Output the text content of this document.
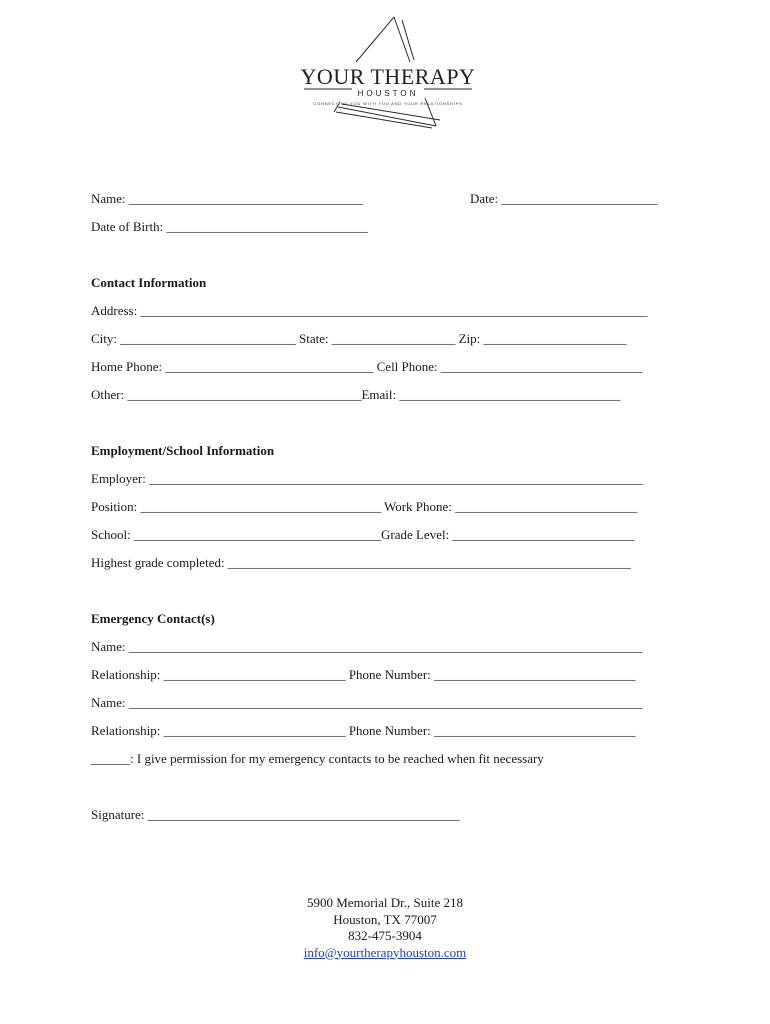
YOUR THERAPY
HOUSTON
CONNECTING YOU WITH YOU AND YOUR RELATIONSHIPS
Name: ____________________________________	Date: ________________________
Date of Birth: _______________________________
Contact Information
Address: ______________________________________________________________________________
City: ___________________________ State: ___________________ Zip: ______________________
Home Phone: ________________________________ Cell Phone: _______________________________
Other: ____________________________________Email: __________________________________
Employment/School Information
Employer: ____________________________________________________________________________
Position: _____________________________________ Work Phone: ____________________________
School: ______________________________________Grade Level: ____________________________
Highest grade completed: ______________________________________________________________
Emergency Contact(s)
Name: _______________________________________________________________________________
Relationship: ____________________________ Phone Number: _______________________________
Name: _______________________________________________________________________________
Relationship: ____________________________ Phone Number: _______________________________
______: I give permission for my emergency contacts to be reached when fit necessary
Signature: ________________________________________________
5900 Memorial Dr., Suite 218
Houston, TX 77007
832-475-3904
info@yourtherapyhouston.com
